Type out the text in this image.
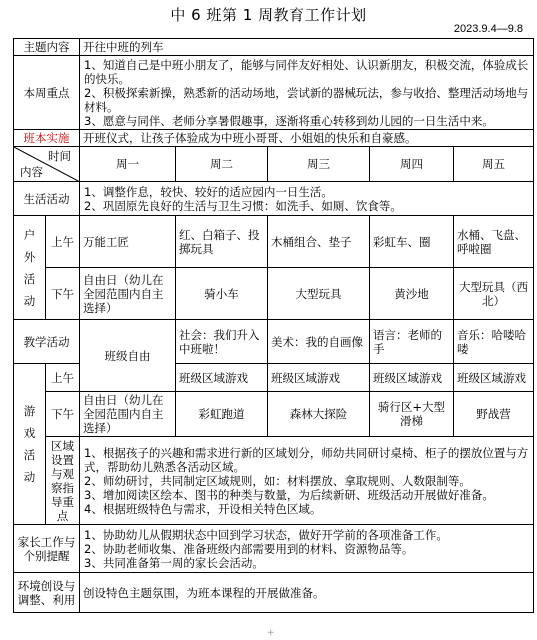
中 6 班第 1 周教育工作计划
2023.9.4—9.8
主题内容		开往中班的列车				
本周重点		1、知道自己是中班小朋友了，能够与同伴友好相处、认识新朋友，积极交流，体验成长的快乐。
2、积极探索新操，熟悉新的活动场地，尝试新的器械玩法，参与收拾、整理活动场地与材料。
3、愿意与同伴、老师分享暑假趣事，逐渐将重心转移到幼儿园的一日生活中来。				

班本实施		开班仪式，让孩子体验成为中班小哥哥、小姐姐的快乐和自豪感。				

时间
内容		周一	周二	周三	周四	周五
生活活动		1、调整作息，较快、较好的适应园内一日生活。
2、巩固原先良好的生活与卫生习惯：如洗手、如厕、饮食等。				

户外活动	上午	万能工匠	红、白箱子、投掷玩具	木桶组合、垫子	彩虹车、圈	水桶、飞盘、呼啦圈
	下午	自由日（幼儿在全园范围内自主选择）	骑小车	大型玩具	黄沙地	大型玩具（西北）
教学活动		班级自由	社会：我们升入中班啦！	美术：我的自画像	语言：老师的手	音乐：哈喽哈喽
游戏活动	上午		班级区域游戏	班级区域游戏	班级区域游戏	班级区域游戏
	下午	自由日（幼儿在全园范围内自主选择）	彩虹跑道	森林大探险	骑行区+大型滑梯	野战营
	区域设置与观察指导重点	1、根据孩子的兴趣和需求进行新的区域划分，师幼共同研讨桌椅、柜子的摆放位置与方式，帮助幼儿熟悉各活动区域。
2、师幼研讨，共同制定区域规则，如：材料摆放、拿取规则、人数限制等。
3、增加阅读区绘本、图书的种类与数量，为后续新研、班级活动开展做好准备。
4、根据班级特色与需求，开设相关特色区域。				

家长工作与个别提醒		1、协助幼儿从假期状态中回到学习状态，做好开学前的各项准备工作。
2、协助老师收集、准备班级内部需要用到的材料、资源物品等。
3、共同准备第一周的家长会活动。				

环境创设与调整、利用		创设特色主题氛围，为班本课程的开展做准备。				
+
